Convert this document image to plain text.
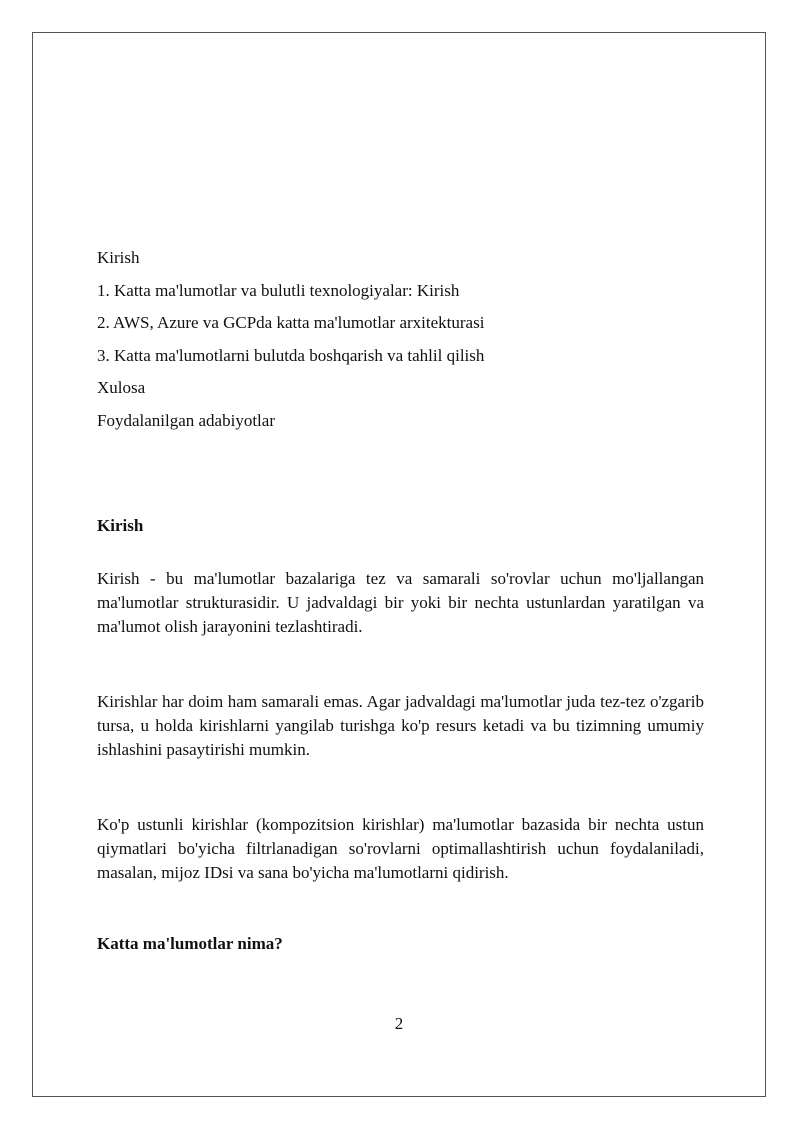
Kirish
1. Katta ma'lumotlar va bulutli texnologiyalar: Kirish
2. AWS, Azure va GCPda katta ma'lumotlar arxitekturasi
3. Katta ma'lumotlarni bulutda boshqarish va tahlil qilish
Xulosa
Foydalanilgan adabiyotlar
Kirish
Kirish - bu ma'lumotlar bazalariga tez va samarali so'rovlar uchun mo'ljallangan ma'lumotlar strukturasidir. U jadvaldagi bir yoki bir nechta ustunlardan yaratilgan va ma'lumot olish jarayonini tezlashtiradi.
Kirishlar har doim ham samarali emas. Agar jadvaldagi ma'lumotlar juda tez-tez o'zgarib tursa, u holda kirishlarni yangilab turishga ko'p resurs ketadi va bu tizimning umumiy ishlashini pasaytirishi mumkin.
Ko'p ustunli kirishlar (kompozitsion kirishlar) ma'lumotlar bazasida bir nechta ustun qiymatlari bo'yicha filtrlanadigan so'rovlarni optimallashtirish uchun foydalaniladi, masalan, mijoz IDsi va sana bo'yicha ma'lumotlarni qidirish.
Katta ma'lumotlar nima?
2
